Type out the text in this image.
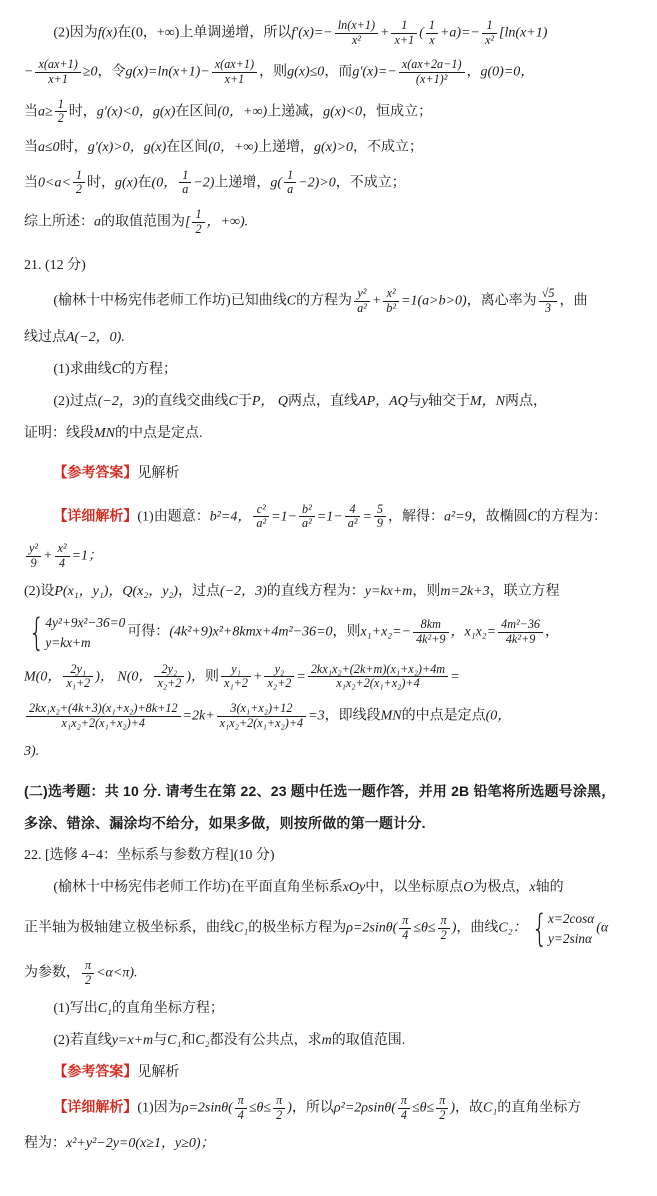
(2)因为f(x)在(0，+∞)上单调递增，所以$f'(x)=- \frac{\ln(x+1)}{\text{x²}} + \frac{1}{x+1}$ ( $\frac{1}{x} +a)=- \frac{1}{\text{x²}} [\ln(x+1)$
− $\frac{x(ax+1)}{x+1} \ge 0$，令$g(x)=\ln(x+1)- \frac{x(ax+1)}{x+1}$ ，则g(x)≤0，而$g'(x)=- \frac{x(ax+2a-1)}{\text{(x+1)²}}$ ，g(0)=0，
当$a\ge \frac{1}{2}$ 时，g′(x)<0，g(x)在区间(0，+∞)上递减，g(x)<0，恒成立；
当a≤0时，g′(x)>0，g(x)在区间(0，+∞)上递增，g(x)>0，不成立；
当$0<a< \frac{1}{2}$ 时，g(x)在(0， $\frac{1}{a} -2$)上递增，$g( \frac{1}{a} -2)>0$，不成立；
综上所述：a的取值范围为[ $\frac{1}{2}$ ，+∞).
21. (12 分)
(榆林十中杨宪伟老师工作坊)已知曲线C的方程为 $\frac{\text{y²}}{\text{a²}} + \frac{\text{x²}}{\text{b²}} =1(a>b>0)$，离心率为 $\frac{√5}{3}$ ，曲
线过点A(−2，0).
(1)求曲线C的方程；
(2)过点(−2，3)的直线交曲线C于P， Q两点，直线AP，AQ与y轴交于M，N两点，
证明：线段MN的中点是定点.
【参考答案】见解析
【详细解析】(1)由题意：b²=4， $\frac{\text{c²}}{\text{a²}} =1- \frac{\text{b²}}{\text{a²}} =1- \frac{4}{\text{a²}} = \frac{5}{9}$ ，解得：a²=9，故椭圆C的方程为：
$\frac{\text{y²}}{9} + \frac{\text{x²}}{4} =1$；
(2)设P(x₁，y₁)，Q(x₂，y₂)，过点(−2，3)的直线方程为：y=kx+m，则m=2k+3，联立方程
{ 4y²+9x²−36=0
y=kx+m
可得：(4k²+9)x²+8kmx+4m²−36=0，则$x_1+x_2=- \frac{8km}{\text{4k²+9}}$ ，$x_1x_2= \frac{\text{4m²−36}}{\text{4k²+9}}$ ，
M(0， $\frac{\text{2y₁}}{\text{x₁+2}}$ )， N(0， $\frac{\text{2y₂}}{\text{x₂+2}}$ )，则 $\frac{\text{y₁}}{\text{x₁+2}} + \frac{\text{y₂}}{\text{x₂+2}} = \frac{\text{2kx₁x₂+(2k+m)(x₁+x₂)+4m}}{\text{x₁x₂+2(x₁+x₂)+4}}$ =
$\frac{\text{2kx₁x₂+(4k+3)(x₁+x₂)+8k+12}}{\text{x₁x₂+2(x₁+x₂)+4}} =2k+ \frac{\text{3(x₁+x₂)+12}}{\text{x₁x₂+2(x₁+x₂)+4}} =3$，即线段MN的中点是定点(0，
3).
(二)选考题：共 10 分. 请考生在第 22、23 题中任选一题作答，并用 2B 铅笔将所选题号涂黑，
多涂、错涂、漏涂均不给分，如果多做，则按所做的第一题计分.
22. [选修 4−4：坐标系与参数方程](10 分)
(榆林十中杨宪伟老师工作坊)在平面直角坐标系xOy中，以坐标原点O为极点，x轴的
正半轴为极轴建立极坐标系，曲线C₁的极坐标方程为$\rho=2\sin\theta( \frac{\pi}{4} \le\theta\le \frac{\pi}{2}$ )，曲线C₂： { x=2cosα
y=2sinα
(α
为参数， $\frac{\pi}{2} <\alpha<\pi$).
(1)写出C₁的直角坐标方程；
(2)若直线y=x+m与C₁和C₂都没有公共点，求m的取值范围.
【参考答案】见解析
【详细解析】(1)因为$\rho=2\sin\theta( \frac{\pi}{4} \le\theta\le \frac{\pi}{2}$ )，所以$\rho^2=2\rho\sin\theta( \frac{\pi}{4} \le\theta\le \frac{\pi}{2}$ )，故C₁的直角坐标方
程为：x²+y²−2y=0(x≥1，y≥0)；
